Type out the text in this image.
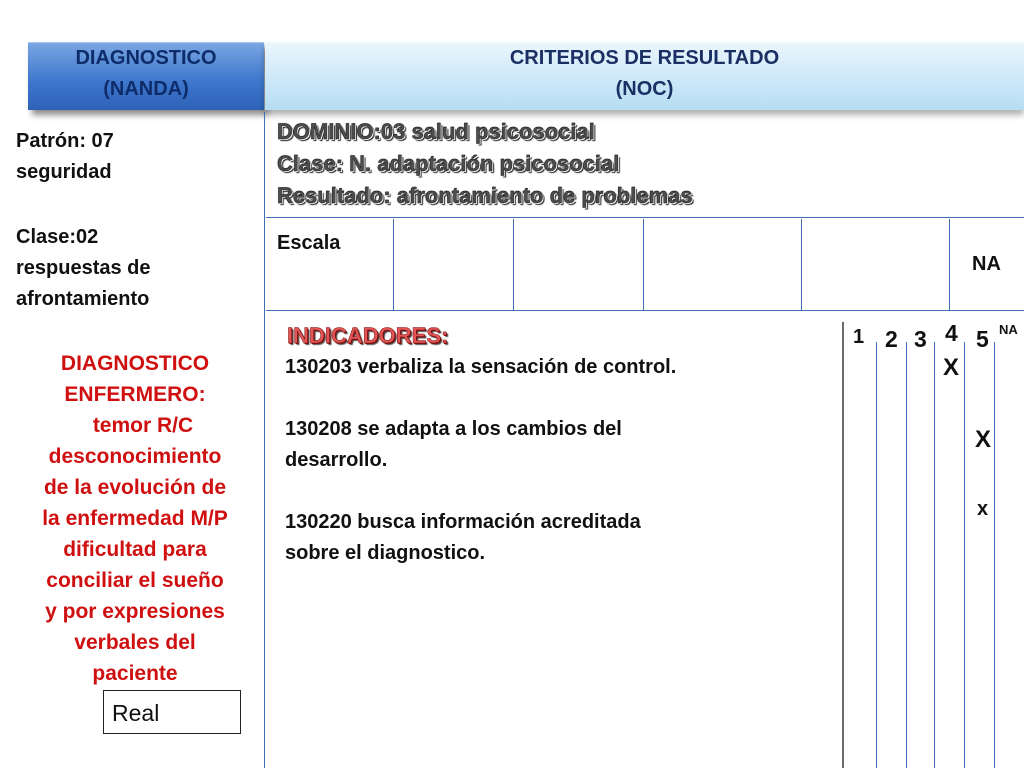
DIAGNOSTICO
(NANDA)
CRITERIOS DE RESULTADO
(NOC)
Patrón: 07
seguridad
Clase:02
respuestas de
afrontamiento
DIAGNOSTICO
ENFERMERO:
temor R/C
desconocimiento
de la evolución de
la enfermedad M/P
dificultad para
conciliar el sueño
y por expresiones
verbales del
paciente
Real
DOMINIO:03 salud psicosocial
Clase: N. adaptación psicosocial
Resultado: afrontamiento de problemas
Escala
NA
INDICADORES:
130203 verbaliza la sensación de control.
130208 se adapta a los cambios del
desarrollo.
130220 busca información acreditada
sobre el diagnostico.
1 2 3 4 5 NA
X
X
x
